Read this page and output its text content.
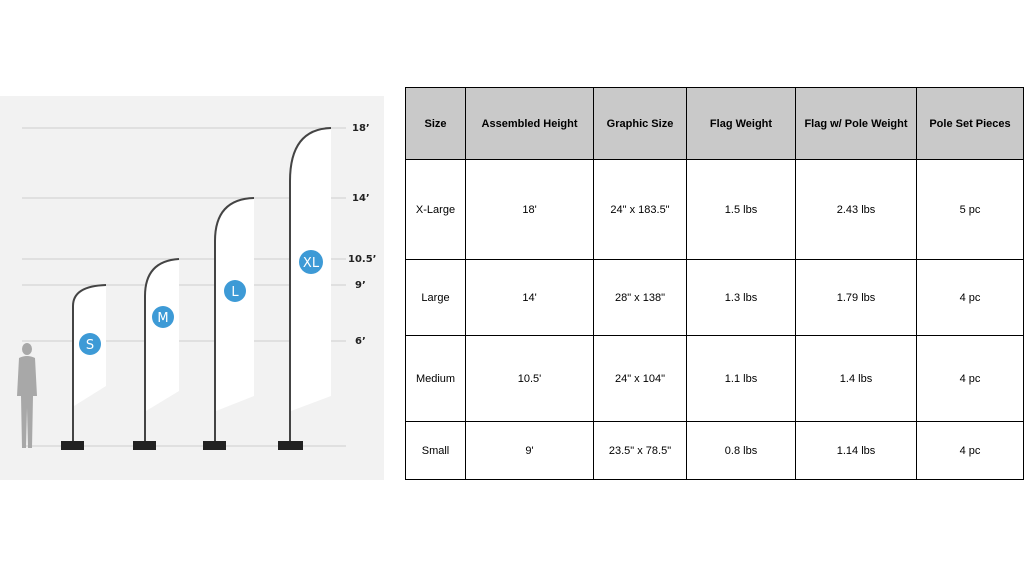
18’
14’
10.5’
9’
6’
S
M
L
XL
Size	Assembled Height	Graphic Size	Flag Weight	Flag w/ Pole Weight	Pole Set Pieces
X-Large	18'	24" x 183.5"	1.5 lbs	2.43 lbs	5 pc
Large	14'	28" x 138"	1.3 lbs	1.79 lbs	4 pc
Medium	10.5'	24" x 104"	1.1 lbs	1.4 lbs	4 pc
Small	9'	23.5" x 78.5"	0.8 lbs	1.14 lbs	4 pc
